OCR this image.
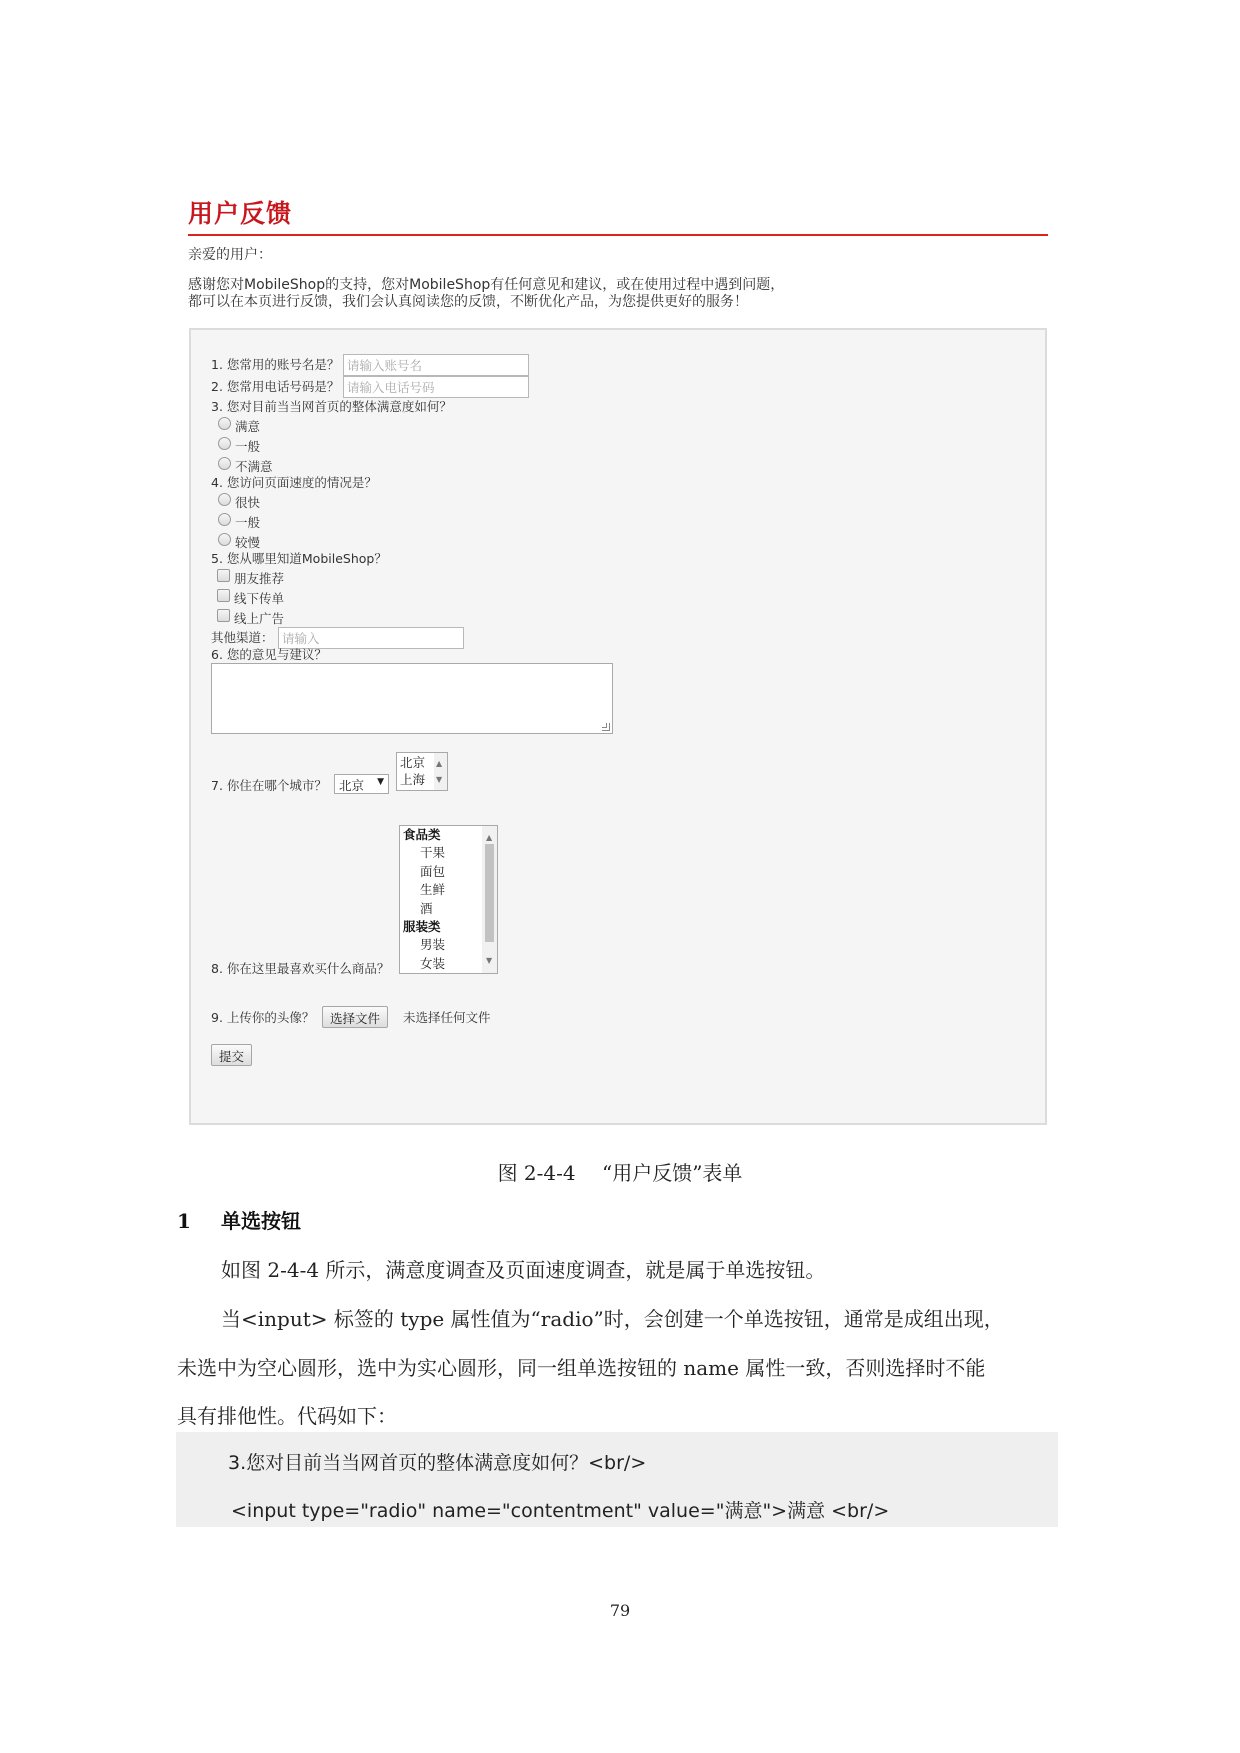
用户反馈
亲爱的用户：
感谢您对MobileShop的支持，您对MobileShop有任何意见和建议，或在使用过程中遇到问题，
都可以在本页进行反馈，我们会认真阅读您的反馈，不断优化产品，为您提供更好的服务！
1. 您常用的账号名是？
请输入账号名
2. 您常用电话号码是？
请输入电话号码
3. 您对目前当当网首页的整体满意度如何？
满意
一般
不满意
4. 您访问页面速度的情况是？
很快
一般
较慢
5. 您从哪里知道MobileShop？
朋友推荐
线下传单
线上广告
其他渠道：
请输入
6. 您的意见与建议？
7. 你住在哪个城市？ 北京 ▼
北京
上海
▲
▼
8. 你在这里最喜欢买什么商品？
食品类
干果
面包
生鲜
酒
服装类
男装
女装
▲
▼
9. 上传你的头像？	选择文件	未选择任何文件
提交
图 2-4-4　 “用户反馈”表单
1 单选按钮
如图 2-4-4 所示，满意度调查及页面速度调查，就是属于单选按钮。
当<input> 标签的 type 属性值为“radio”时，会创建一个单选按钮，通常是成组出现，
未选中为空心圆形，选中为实心圆形，同一组单选按钮的 name 属性一致，否则选择时不能
具有排他性。代码如下：
3.您对目前当当网首页的整体满意度如何？<br/>
<input type="radio" name="contentment" value="满意">满意 <br/>
79
